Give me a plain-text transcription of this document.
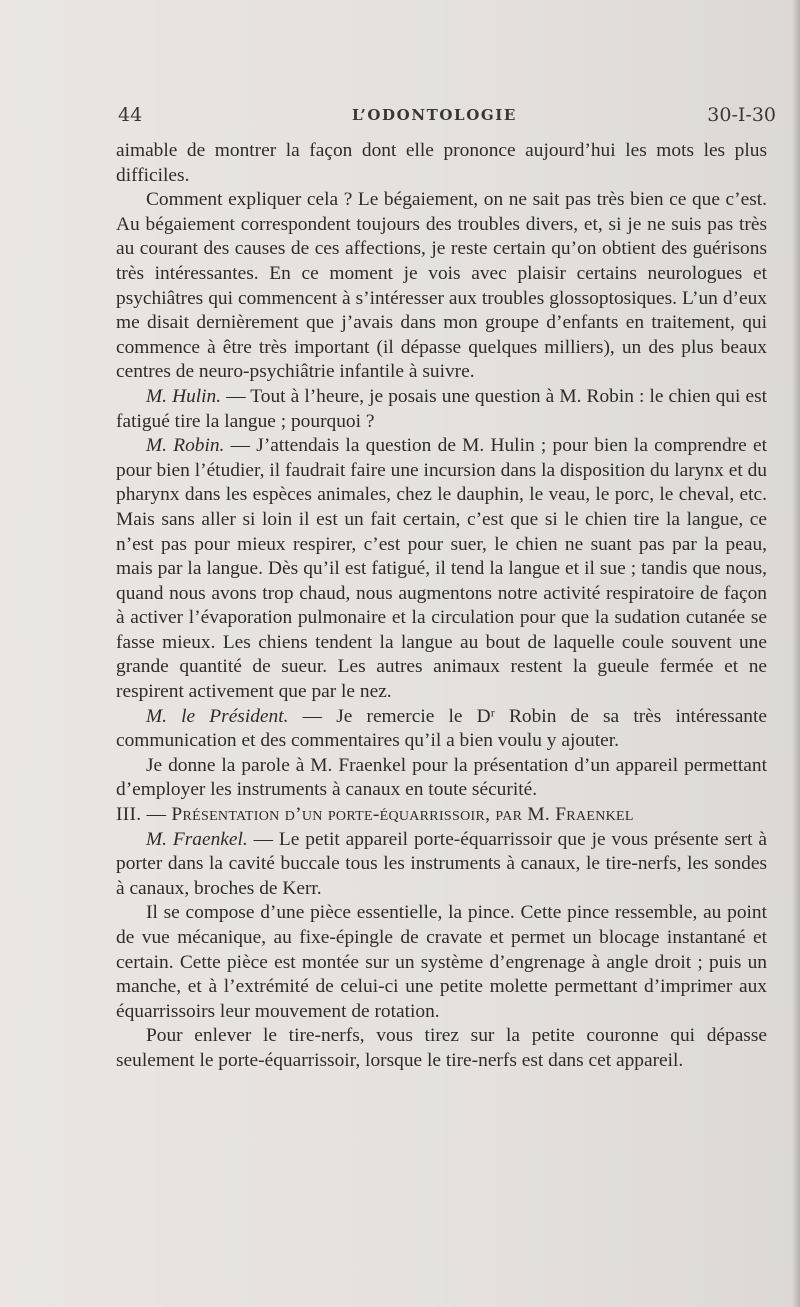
44	L’ODONTOLOGIE	30-I-30

aimable de montrer la façon dont elle prononce aujourd’hui les mots les plus difficiles.

Comment expliquer cela ? Le bégaiement, on ne sait pas très bien ce que c’est. Au bégaiement correspondent toujours des troubles divers, et, si je ne suis pas très au courant des causes de ces affections, je reste certain qu’on obtient des guérisons très intéressantes. En ce moment je vois avec plaisir certains neurologues et psychiâtres qui commencent à s’intéresser aux troubles glossoptosiques. L’un d’eux me disait dernièrement que j’avais dans mon groupe d’enfants en traitement, qui commence à être très important (il dépasse quelques milliers), un des plus beaux centres de neuro-psychiâtrie infantile à suivre.

M. Hulin. — Tout à l’heure, je posais une question à M. Robin : le chien qui est fatigué tire la langue ; pourquoi ?

M. Robin. — J’attendais la question de M. Hulin ; pour bien la comprendre et pour bien l’étudier, il faudrait faire une incursion dans la disposition du larynx et du pharynx dans les espèces animales, chez le dauphin, le veau, le porc, le cheval, etc. Mais sans aller si loin il est un fait certain, c’est que si le chien tire la langue, ce n’est pas pour mieux respirer, c’est pour suer, le chien ne suant pas par la peau, mais par la langue. Dès qu’il est fatigué, il tend la langue et il sue ; tandis que nous, quand nous avons trop chaud, nous augmentons notre activité respiratoire de façon à activer l’évaporation pulmonaire et la circulation pour que la sudation cutanée se fasse mieux. Les chiens tendent la langue au bout de laquelle coule souvent une grande quantité de sueur. Les autres animaux restent la gueule fermée et ne respirent activement que par le nez.

M. le Président. — Je remercie le Dʳ Robin de sa très intéressante communication et des commentaires qu’il a bien voulu y ajouter.

Je donne la parole à M. Fraenkel pour la présentation d’un appareil permettant d’employer les instruments à canaux en toute sécurité.

III. — Présentation d’un porte-équarrissoir, par M. Fraenkel

M. Fraenkel. — Le petit appareil porte-équarrissoir que je vous présente sert à porter dans la cavité buccale tous les instruments à canaux, le tire-nerfs, les sondes à canaux, broches de Kerr.

Il se compose d’une pièce essentielle, la pince. Cette pince ressemble, au point de vue mécanique, au fixe-épingle de cravate et permet un blocage instantané et certain. Cette pièce est montée sur un système d’engrenage à angle droit ; puis un manche, et à l’extrémité de celui-ci une petite molette permettant d’imprimer aux équarrissoirs leur mouvement de rotation.

Pour enlever le tire-nerfs, vous tirez sur la petite couronne qui dépasse seulement le porte-équarrissoir, lorsque le tire-nerfs est dans cet appareil.
